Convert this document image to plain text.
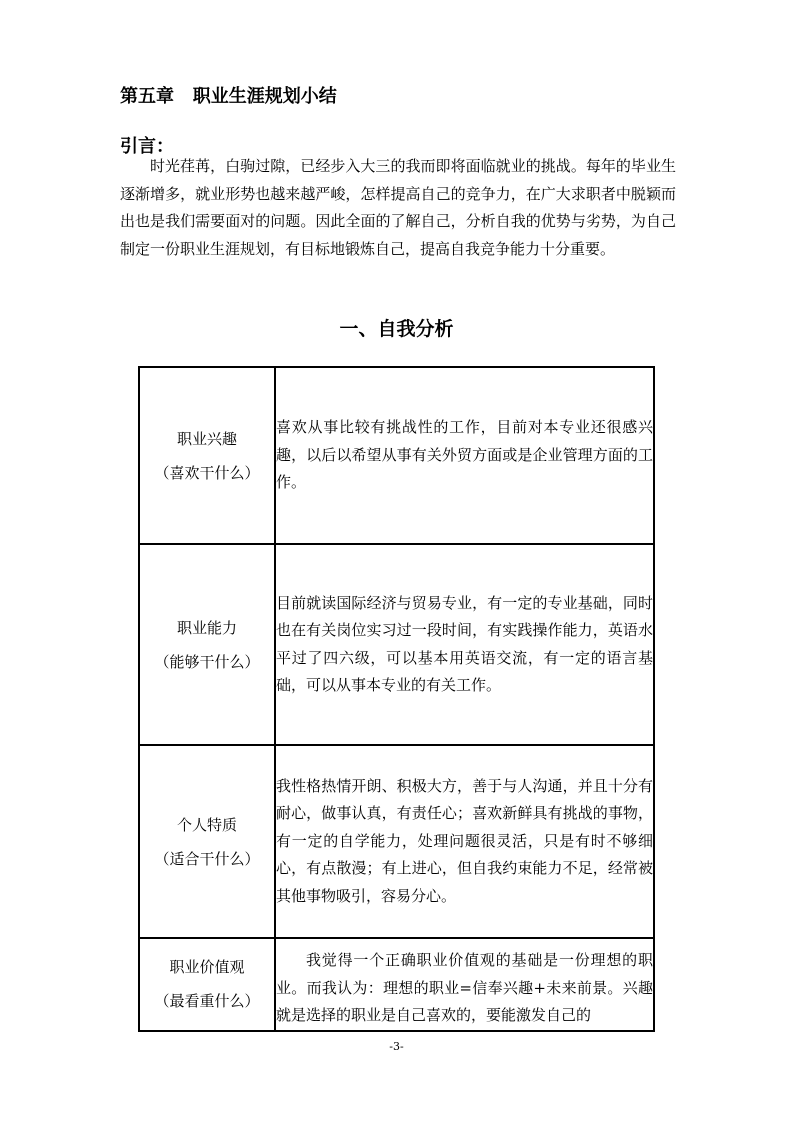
第五章   职业生涯规划小结
引言：

时光荏苒，白驹过隙，已经步入大三的我而即将面临就业的挑战。每年的毕业生逐渐增多，就业形势也越来越严峻，怎样提高自己的竞争力，在广大求职者中脱颖而出也是我们需要面对的问题。因此全面的了解自己，分析自我的优势与劣势，为自己制定一份职业生涯规划，有目标地锻炼自己，提高自我竞争能力十分重要。

一、自我分析
职业兴趣
（喜欢干什么）	喜欢从事比较有挑战性的工作，目前对本专业还很感兴趣，以后以希望从事有关外贸方面或是企业管理方面的工作。

职业能力
（能够干什么）	目前就读国际经济与贸易专业，有一定的专业基础，同时也在有关岗位实习过一段时间，有实践操作能力，英语水平过了四六级，可以基本用英语交流，有一定的语言基础，可以从事本专业的有关工作。

个人特质
（适合干什么）	我性格热情开朗、积极大方，善于与人沟通，并且十分有耐心，做事认真，有责任心；喜欢新鲜具有挑战的事物，有一定的自学能力，处理问题很灵活，只是有时不够细心，有点散漫；有上进心，但自我约束能力不足，经常被其他事物吸引，容易分心。

职业价值观
（最看重什么）	我觉得一个正确职业价值观的基础是一份理想的职业。而我认为：理想的职业=信奉兴趣+未来前景。兴趣就是选择的职业是自己喜欢的，要能激发自己的
-3-
